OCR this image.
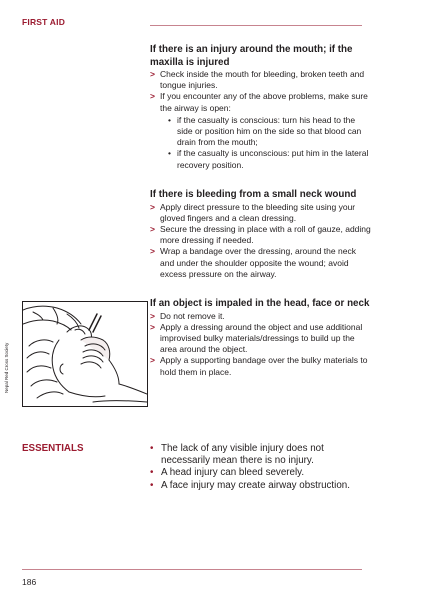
FIRST AID
If there is an injury around the mouth; if the maxilla is injured
> Check inside the mouth for bleeding, broken teeth and tongue injuries.
> If you encounter any of the above problems, make sure the airway is open:
• if the casualty is conscious: turn his head to the side or position him on the side so that blood can drain from the mouth;
• if the casualty is unconscious: put him in the lateral recovery position.
If there is bleeding from a small neck wound
> Apply direct pressure to the bleeding site using your gloved fingers and a clean dressing.
> Secure the dressing in place with a roll of gauze, adding more dressing if needed.
> Wrap a bandage over the dressing, around the neck and under the shoulder opposite the wound; avoid excess pressure on the airway.
Nepal Red Cross Society
If an object is impaled in the head, face or neck
> Do not remove it.
> Apply a dressing around the object and use additional improvised bulky materials/dressings to build up the area around the object.
> Apply a supporting bandage over the bulky materials to hold them in place.
ESSENTIALS	• The lack of any visible injury does not necessarily mean there is no injury.
• A head injury can bleed severely.
• A face injury may create airway obstruction.
186
